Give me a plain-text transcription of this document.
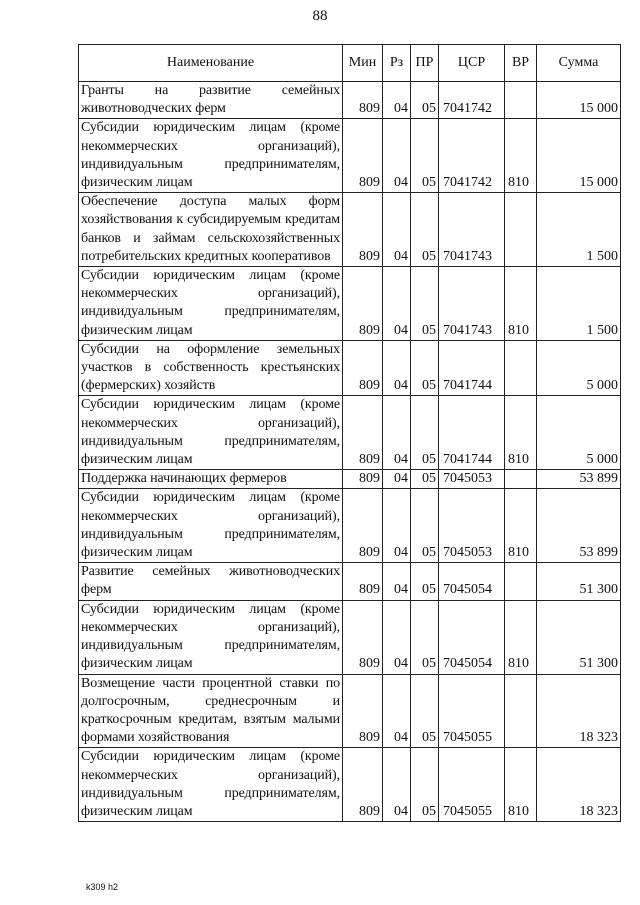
88
Наименование	Мин	Рз	ПР	ЦСР	ВР	Сумма
Гранты на развитие семейных животноводческих ферм	809	04	05	7041742		15 000
Субсидии юридическим лицам (кроме некоммерческих организаций), индивидуальным предпринимателям, физическим лицам	809	04	05	7041742	810	15 000
Обеспечение доступа малых форм хозяйствования к субсидируемым кредитам банков и займам сельскохозяйственных потребительских кредитных кооперативов	809	04	05	7041743		1 500
Субсидии юридическим лицам (кроме некоммерческих организаций), индивидуальным предпринимателям, физическим лицам	809	04	05	7041743	810	1 500
Субсидии на оформление земельных участков в собственность крестьянских (фермерских) хозяйств	809	04	05	7041744		5 000
Субсидии юридическим лицам (кроме некоммерческих организаций), индивидуальным предпринимателям, физическим лицам	809	04	05	7041744	810	5 000
Поддержка начинающих фермеров	809	04	05	7045053		53 899
Субсидии юридическим лицам (кроме некоммерческих организаций), индивидуальным предпринимателям, физическим лицам	809	04	05	7045053	810	53 899
Развитие семейных животноводческих ферм	809	04	05	7045054		51 300
Субсидии юридическим лицам (кроме некоммерческих организаций), индивидуальным предпринимателям, физическим лицам	809	04	05	7045054	810	51 300
Возмещение части процентной ставки по долгосрочным, среднесрочным и краткосрочным кредитам, взятым малыми формами хозяйствования	809	04	05	7045055		18 323
Субсидии юридическим лицам (кроме некоммерческих организаций), индивидуальным предпринимателям, физическим лицам	809	04	05	7045055	810	18 323
k309 h2
